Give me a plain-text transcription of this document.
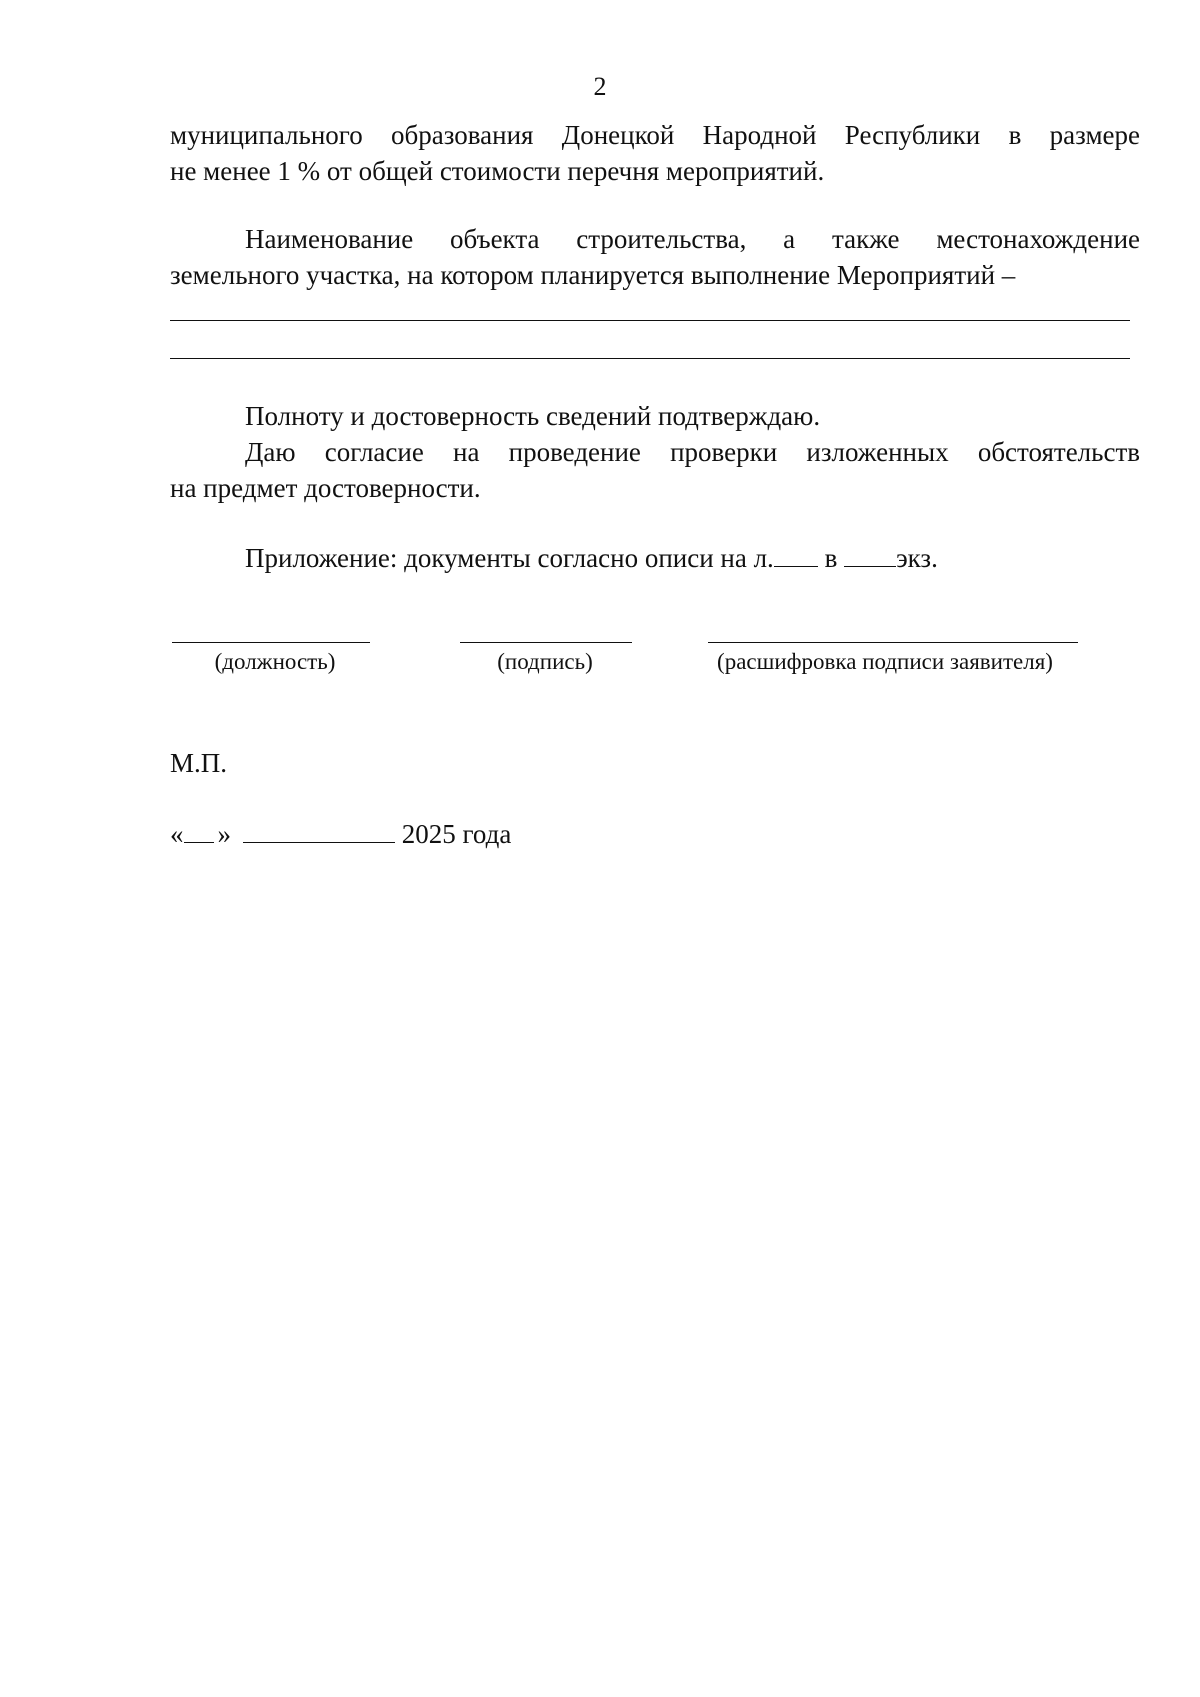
2
муниципального образования Донецкой Народной Республики в размере
не менее 1 % от общей стоимости перечня мероприятий.
Наименование объекта строительства, а также местонахождение
земельного участка, на котором планируется выполнение Мероприятий –
Полноту и достоверность сведений подтверждаю.
Даю согласие на проведение проверки изложенных обстоятельств
на предмет достоверности.
Приложение: документы согласно описи на л. в экз.
(должность)	(подпись)	(расшифровка подписи заявителя)
М.П.
« »	2025 года
